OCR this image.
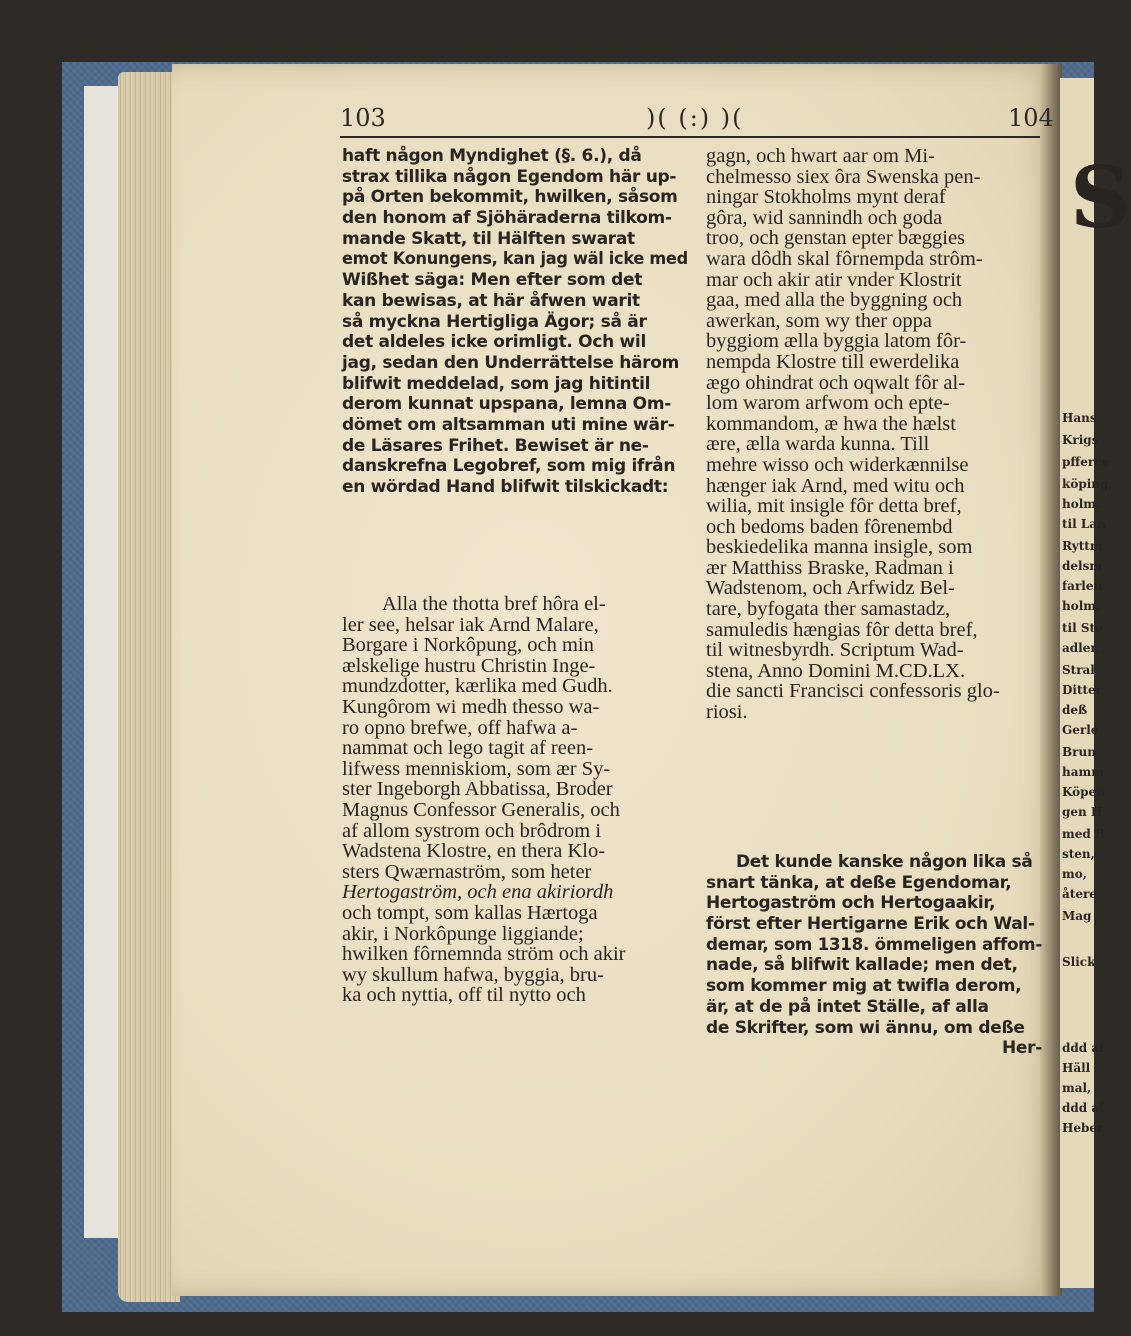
S
Hans
Krigs
pfferce
köping,
holm.
til Lan
Ryttm
delsm
farlen
holm.
til Sto
adler,
Stral
Ditter
deß
Gerle
Brun
hamm
Köpen
gen H
med B
sten,
mo,
återe
Mag
Slick
ddd af
Häll
mal,
ddd af
Heber
103	)( (:) )(	104
haft någon Myndighet (§. 6.), då
strax tillika någon Egendom här up-
på Orten bekommit, hwilken, såsom
den honom af Sjöhäraderna tilkom-
mande Skatt, til Hälften swarat
emot Konungens, kan jag wäl icke med
Wißhet säga: Men efter som det
kan bewisas, at här åfwen warit
så myckna Hertigliga Ägor; så är
det aldeles icke orimligt. Och wil
jag, sedan den Underrättelse härom
blifwit meddelad, som jag hitintil
derom kunnat upspana, lemna Om-
dömet om altsamman uti mine wär-
de Läsares Frihet. Bewiset är ne-
danskrefna Legobref, som mig ifrån
en wördad Hand blifwit tilskickadt:
Alla the thotta bref hôra el-
ler see, helsar iak Arnd Malare,
Borgare i Norkôpung, och min
ælskelige hustru Christin Inge-
mundzdotter, kærlika med Gudh.
Kungôrom wi medh thesso wa-
ro opno brefwe, off hafwa a-
nammat och lego tagit af reen-
lifwess menniskiom, som ær Sy-
ster Ingeborgh Abbatissa, Broder
Magnus Confessor Generalis, och
af allom systrom och brôdrom i
Wadstena Klostre, en thera Klo-
sters Qwærnaström, som heter
Hertogaström, och ena akiriordh
och tompt, som kallas Hærtoga
akir, i Norkôpunge liggiande;
hwilken fôrnemnda ström och akir
wy skullum hafwa, byggia, bru-
ka och nyttia, off til nytto och
gagn, och hwart aar om Mi-
chelmesso siex ôra Swenska pen-
ningar Stokholms mynt deraf
gôra, wid sannindh och goda
troo, och genstan epter bæggies
wara dôdh skal fôrnempda strôm-
mar och akir atir vnder Klostrit
gaa, med alla the byggning och
awerkan, som wy ther oppa
byggiom ælla byggia latom fôr-
nempda Klostre till ewerdelika
ægo ohindrat och oqwalt fôr al-
lom warom arfwom och epte-
kommandom, æ hwa the hælst
ære, ælla warda kunna. Till
mehre wisso och widerkænnilse
hænger iak Arnd, med witu och
wilia, mit insigle fôr detta bref,
och bedoms baden fôrenembd
beskiedelika manna insigle, som
ær Matthiss Braske, Radman i
Wadstenom, och Arfwidz Bel-
tare, byfogata ther samastadz,
samuledis hængias fôr detta bref,
til witnesbyrdh. Scriptum Wad-
stena, Anno Domini M.CD.LX.
die sancti Francisci confessoris glo-
riosi.
Det kunde kanske någon lika så
snart tänka, at deße Egendomar,
Hertogaström och Hertogaakir,
först efter Hertigarne Erik och Wal-
demar, som 1318. ömmeligen affom-
nade, så blifwit kallade; men det,
som kommer mig at twifla derom,
är, at de på intet Ställe, af alla
de Skrifter, som wi ännu, om deße
Her-
